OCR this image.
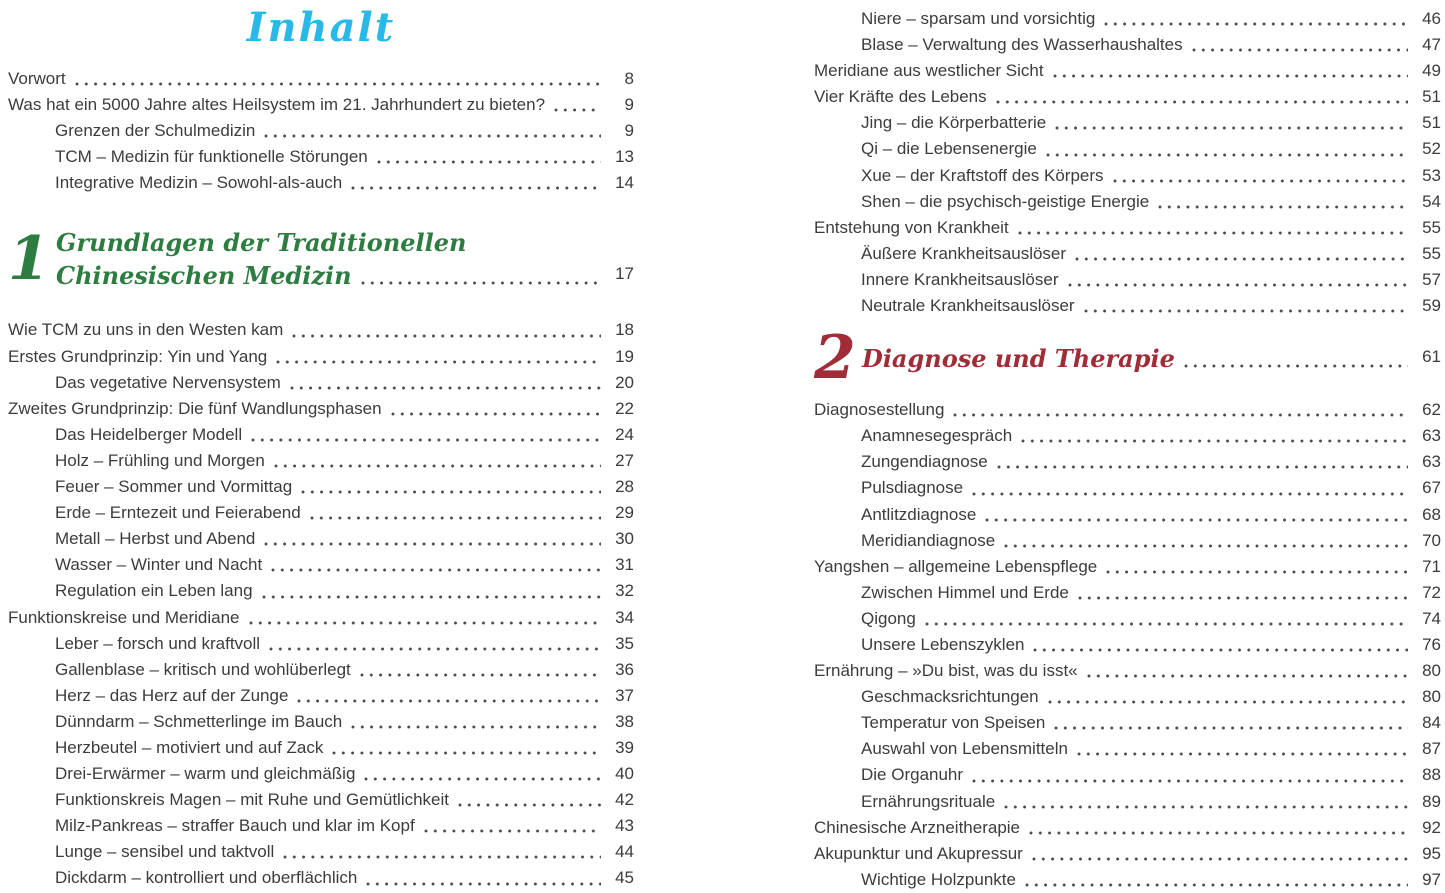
Inhalt
Vorwort	8
Was hat ein 5000 Jahre altes Heilsystem im 21. Jahrhundert zu bieten?	9
Grenzen der Schulmedizin	9
TCM – Medizin für funktionelle Störungen	13
Integrative Medizin – Sowohl-als-auch	14
1 Grundlagen der Traditionellen
Chinesischen Medizin	17
Wie TCM zu uns in den Westen kam	18
Erstes Grundprinzip: Yin und Yang	19
Das vegetative Nervensystem	20
Zweites Grundprinzip: Die fünf Wandlungsphasen	22
Das Heidelberger Modell	24
Holz – Frühling und Morgen	27
Feuer – Sommer und Vormittag	28
Erde – Erntezeit und Feierabend	29
Metall – Herbst und Abend	30
Wasser – Winter und Nacht	31
Regulation ein Leben lang	32
Funktionskreise und Meridiane	34
Leber – forsch und kraftvoll	35
Gallenblase – kritisch und wohlüberlegt	36
Herz – das Herz auf der Zunge	37
Dünndarm – Schmetterlinge im Bauch	38
Herzbeutel – motiviert und auf Zack	39
Drei-Erwärmer – warm und gleichmäßig	40
Funktionskreis Magen – mit Ruhe und Gemütlichkeit	42
Milz-Pankreas – straffer Bauch und klar im Kopf	43
Lunge – sensibel und taktvoll	44
Dickdarm – kontrolliert und oberflächlich	45
Niere – sparsam und vorsichtig	46
Blase – Verwaltung des Wasserhaushaltes	47
Meridiane aus westlicher Sicht	49
Vier Kräfte des Lebens	51
Jing – die Körperbatterie	51
Qi – die Lebensenergie	52
Xue – der Kraftstoff des Körpers	53
Shen – die psychisch-geistige Energie	54
Entstehung von Krankheit	55
Äußere Krankheitsauslöser	55
Innere Krankheitsauslöser	57
Neutrale Krankheitsauslöser	59
2 Diagnose und Therapie	61
Diagnosestellung	62
Anamnesegespräch	63
Zungendiagnose	63
Pulsdiagnose	67
Antlitzdiagnose	68
Meridiandiagnose	70
Yangshen – allgemeine Lebenspflege	71
Zwischen Himmel und Erde	72
Qigong	74
Unsere Lebenszyklen	76
Ernährung – »Du bist, was du isst«	80
Geschmacksrichtungen	80
Temperatur von Speisen	84
Auswahl von Lebensmitteln	87
Die Organuhr	88
Ernährungsrituale	89
Chinesische Arzneitherapie	92
Akupunktur und Akupressur	95
Wichtige Holzpunkte	97
